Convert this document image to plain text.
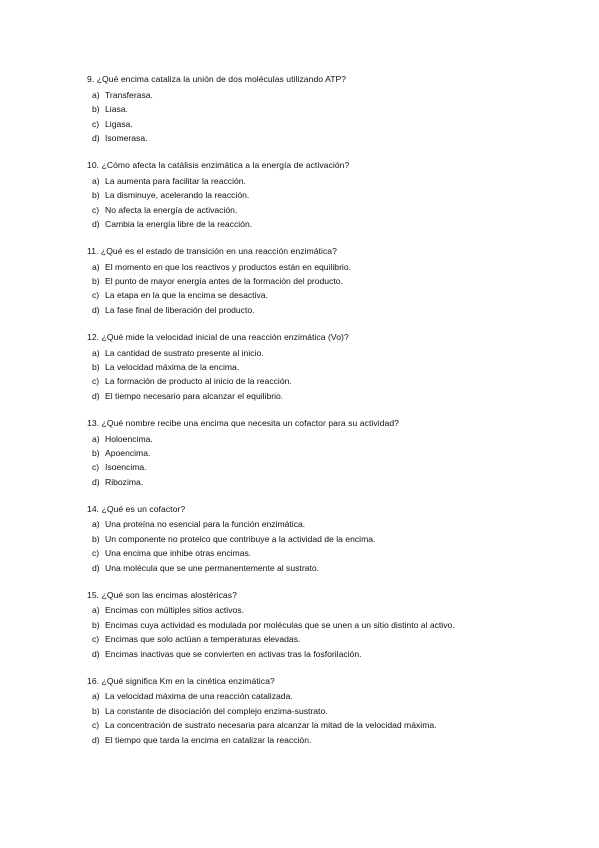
9. ¿Qué encima cataliza la unión de dos moléculas utilizando ATP?
a) Transferasa.
b) Liasa.
c) Ligasa.
d) Isomerasa.
10. ¿Cómo afecta la catálisis enzimática a la energía de activación?
a) La aumenta para facilitar la reacción.
b) La disminuye, acelerando la reacción.
c) No afecta la energía de activación.
d) Cambia la energía libre de la reacción.
11. ¿Qué es el estado de transición en una reacción enzimática?
a) El momento en que los reactivos y productos están en equilibrio.
b) El punto de mayor energía antes de la formación del producto.
c) La etapa en la que la encima se desactiva.
d) La fase final de liberación del producto.
12. ¿Qué mide la velocidad inicial de una reacción enzimática (Vo)?
a) La cantidad de sustrato presente al inicio.
b) La velocidad máxima de la encima.
c) La formación de producto al inicio de la reacción.
d) El tiempo necesario para alcanzar el equilibrio.
13. ¿Qué nombre recibe una encima que necesita un cofactor para su actividad?
a) Holoencima.
b) Apoencima.
c) Isoencima.
d) Ribozima.
14. ¿Qué es un cofactor?
a) Una proteína no esencial para la función enzimática.
b) Un componente no proteico que contribuye a la actividad de la encima.
c) Una encima que inhibe otras encimas.
d) Una molécula que se une permanentemente al sustrato.
15. ¿Qué son las encimas alostéricas?
a) Encimas con múltiples sitios activos.
b) Encimas cuya actividad es modulada por moléculas que se unen a un sitio distinto al activo.
c) Encimas que solo actúan a temperaturas elevadas.
d) Encimas inactivas que se convierten en activas tras la fosforilación.
16. ¿Qué significa Km en la cinética enzimática?
a) La velocidad máxima de una reacción catalizada.
b) La constante de disociación del complejo enzima-sustrato.
c) La concentración de sustrato necesaria para alcanzar la mitad de la velocidad máxima.
d) El tiempo que tarda la encima en catalizar la reacción.
